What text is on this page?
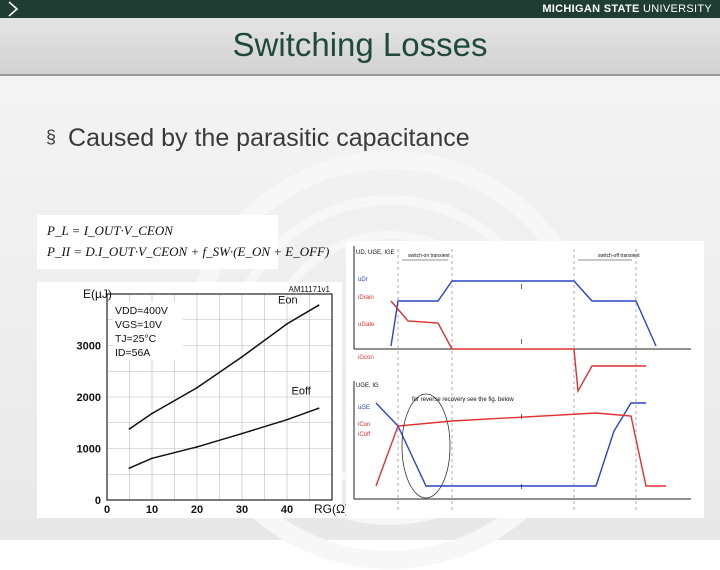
MICHIGAN STATE UNIVERSITY
Switching Losses
§ Caused by the parasitic capacitance
P_L = I_OUT·V_CEON
P_II = D.I_OUT·V_CEON + f_SW·(E_ON + E_OFF)
0
1000
2000
3000
0	10	20	30	40
E(µJ)
RG(Ω)
AM11171v1
VDD=400V
VGS=10V
TJ=25°C
ID=56A
Eon
Eoff
UD, UGE, IGE
UGE, IG
switch-on transient	switch-off transient
for reverse recovery see the fig. below
uDr
iDrain
uGate
iGcon
uGE
iCon
iCoff
≀
≀
≀
≀
